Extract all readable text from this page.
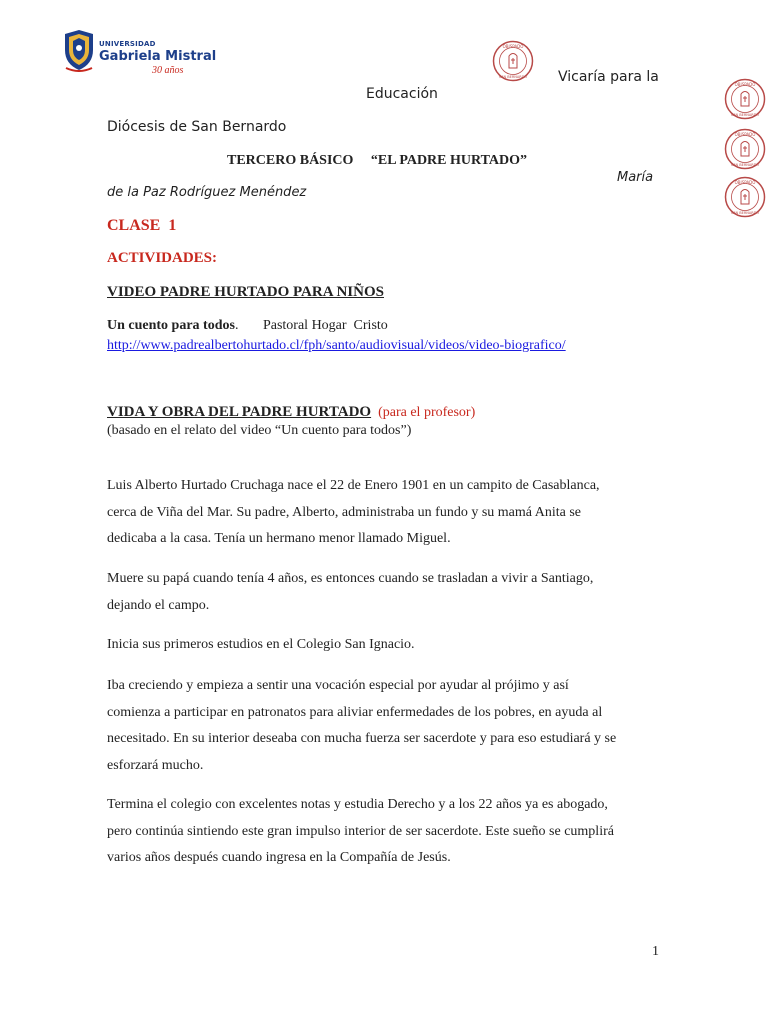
UNIVERSIDAD
Gabriela Mistral
30 años
OBISPADO
SAN BERNARDO
OBISPADO
SAN BERNARDO
OBISPADO
SAN BERNARDO
OBISPADO
SAN BERNARDO
Vicaría para la
Educación
Diócesis de San Bernardo
TERCERO BÁSICO     “EL PADRE HURTADO”
María
de la Paz Rodríguez Menéndez
CLASE  1
ACTIVIDADES:
VIDEO PADRE HURTADO PARA NIÑOS
Un cuento para todos. Pastoral Hogar  Cristo
http://www.padrealbertohurtado.cl/fph/santo/audiovisual/videos/video-biografico/
VIDA Y OBRA DEL PADRE HURTADO (para el profesor)
(basado en el relato del video “Un cuento para todos”)
Luis Alberto Hurtado Cruchaga nace el 22 de Enero 1901 en un campito de Casablanca,
cerca de Viña del Mar. Su padre, Alberto, administraba un fundo y su mamá Anita se

dedicaba a la casa. Tenía un hermano menor llamado Miguel.
Muere su papá cuando tenía 4 años, es entonces cuando se trasladan a vivir a Santiago,

dejando el campo.
Inicia sus primeros estudios en el Colegio San Ignacio.
Iba creciendo y empieza a sentir una vocación especial por ayudar al prójimo y así
comienza a participar en patronatos para aliviar enfermedades de los pobres, en ayuda al
necesitado. En su interior deseaba con mucha fuerza ser sacerdote y para eso estudiará y se

esforzará mucho.
Termina el colegio con excelentes notas y estudia Derecho y a los 22 años ya es abogado,
pero continúa sintiendo este gran impulso interior de ser sacerdote. Este sueño se cumplirá

varios años después cuando ingresa en la Compañía de Jesús.
1
